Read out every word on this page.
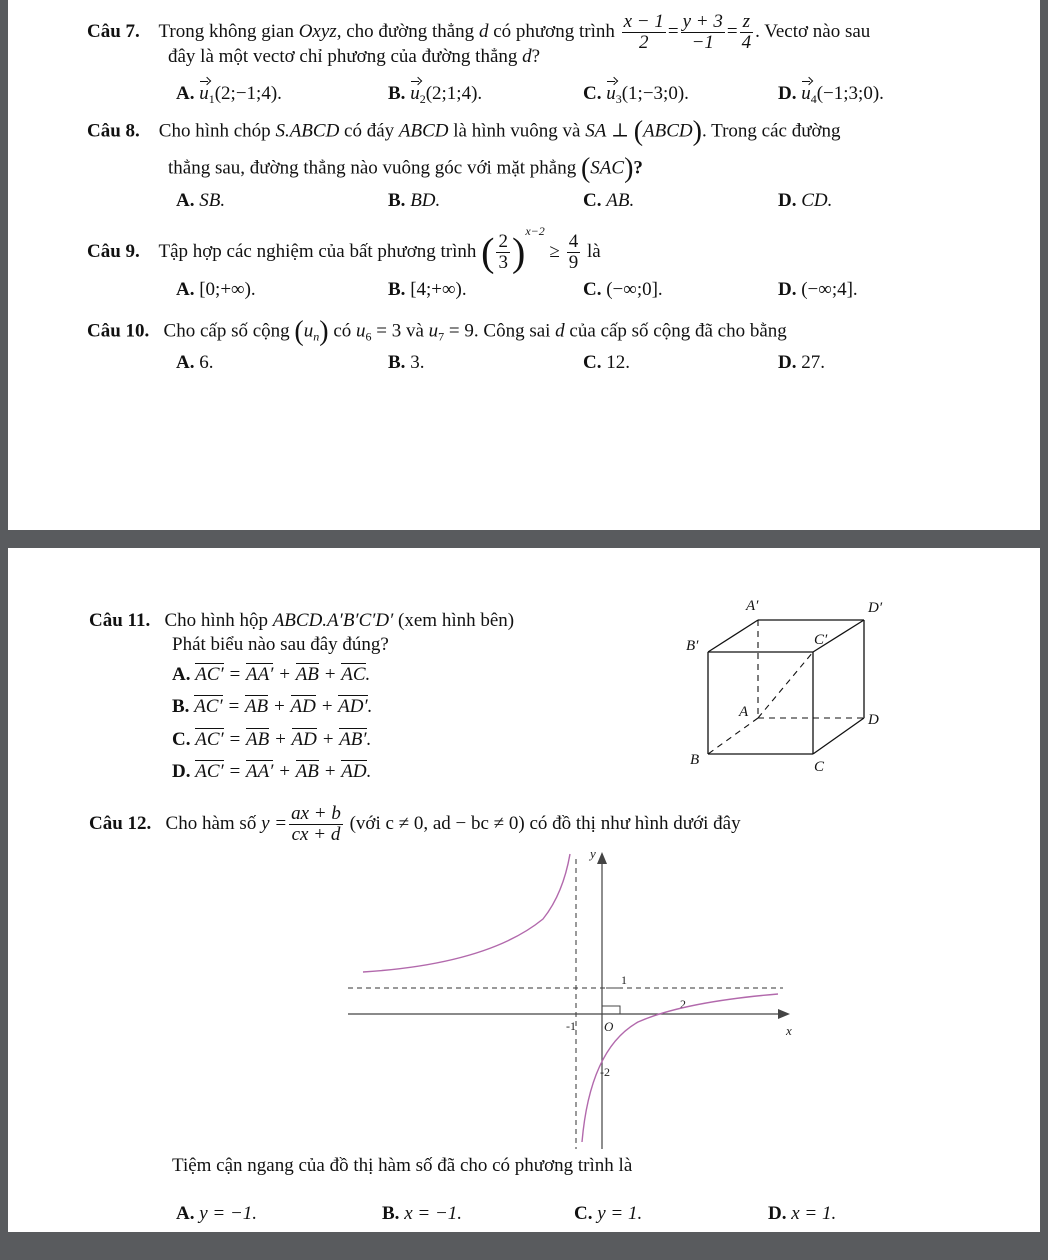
Câu 7. Trong không gian Oxyz, cho đường thẳng d có phương trình $\frac{x - 1}{2} = \frac{y + 3}{-1} = \frac{z}{4}$ . Vectơ nào sau
đây là một vectơ chỉ phương của đường thẳng d?
A. $u_1(2;-1;4)$.	B. $u_2(2;1;4)$.	C. $u_3(1;-3;0)$.	D. $u_4(-1;3;0)$.
Câu 8. Cho hình chóp S.ABCD có đáy ABCD là hình vuông và SA ⊥ (ABCD). Trong các đường
thẳng sau, đường thẳng nào vuông góc với mặt phẳng (SAC)?
A. SB.	B. BD.	C. AB.	D. CD.
Câu 9. Tập hợp các nghiệm của bất phương trình ( $\frac{2}{3} )^{x-2} \ge \frac{4}{9}$ là
A. [0;+∞).	B. [4;+∞).	C. (−∞;0].	D. (−∞;4].
Câu 10. Cho cấp số cộng $(u_n)$ có $u_6 = 3$ và $u_7 = 9$. Công sai d của cấp số cộng đã cho bằng
A. 6.	B. 3.	C. 12.	D. 27.
Câu 11. Cho hình hộp ABCD.A′B′C′D′ (xem hình bên)
Phát biểu nào sau đây đúng?
A. AC′ = AA′ + AB + AC.
B. AC′ = AB + AD + AD′.
C. AC′ = AB + AD + AB′.
D. AC′ = AA′ + AB + AD.
A′	D′
B′	C′
A	D
B	C
Câu 12. Cho hàm số $y = \frac{ax + b}{cx + d}$ (với c ≠ 0, ad − bc ≠ 0) có đồ thị như hình dưới đây
y
x
O
1
2
-1
-2
Tiệm cận ngang của đồ thị hàm số đã cho có phương trình là
A. y = −1.	B. x = −1.	C. y = 1.	D. x = 1.
